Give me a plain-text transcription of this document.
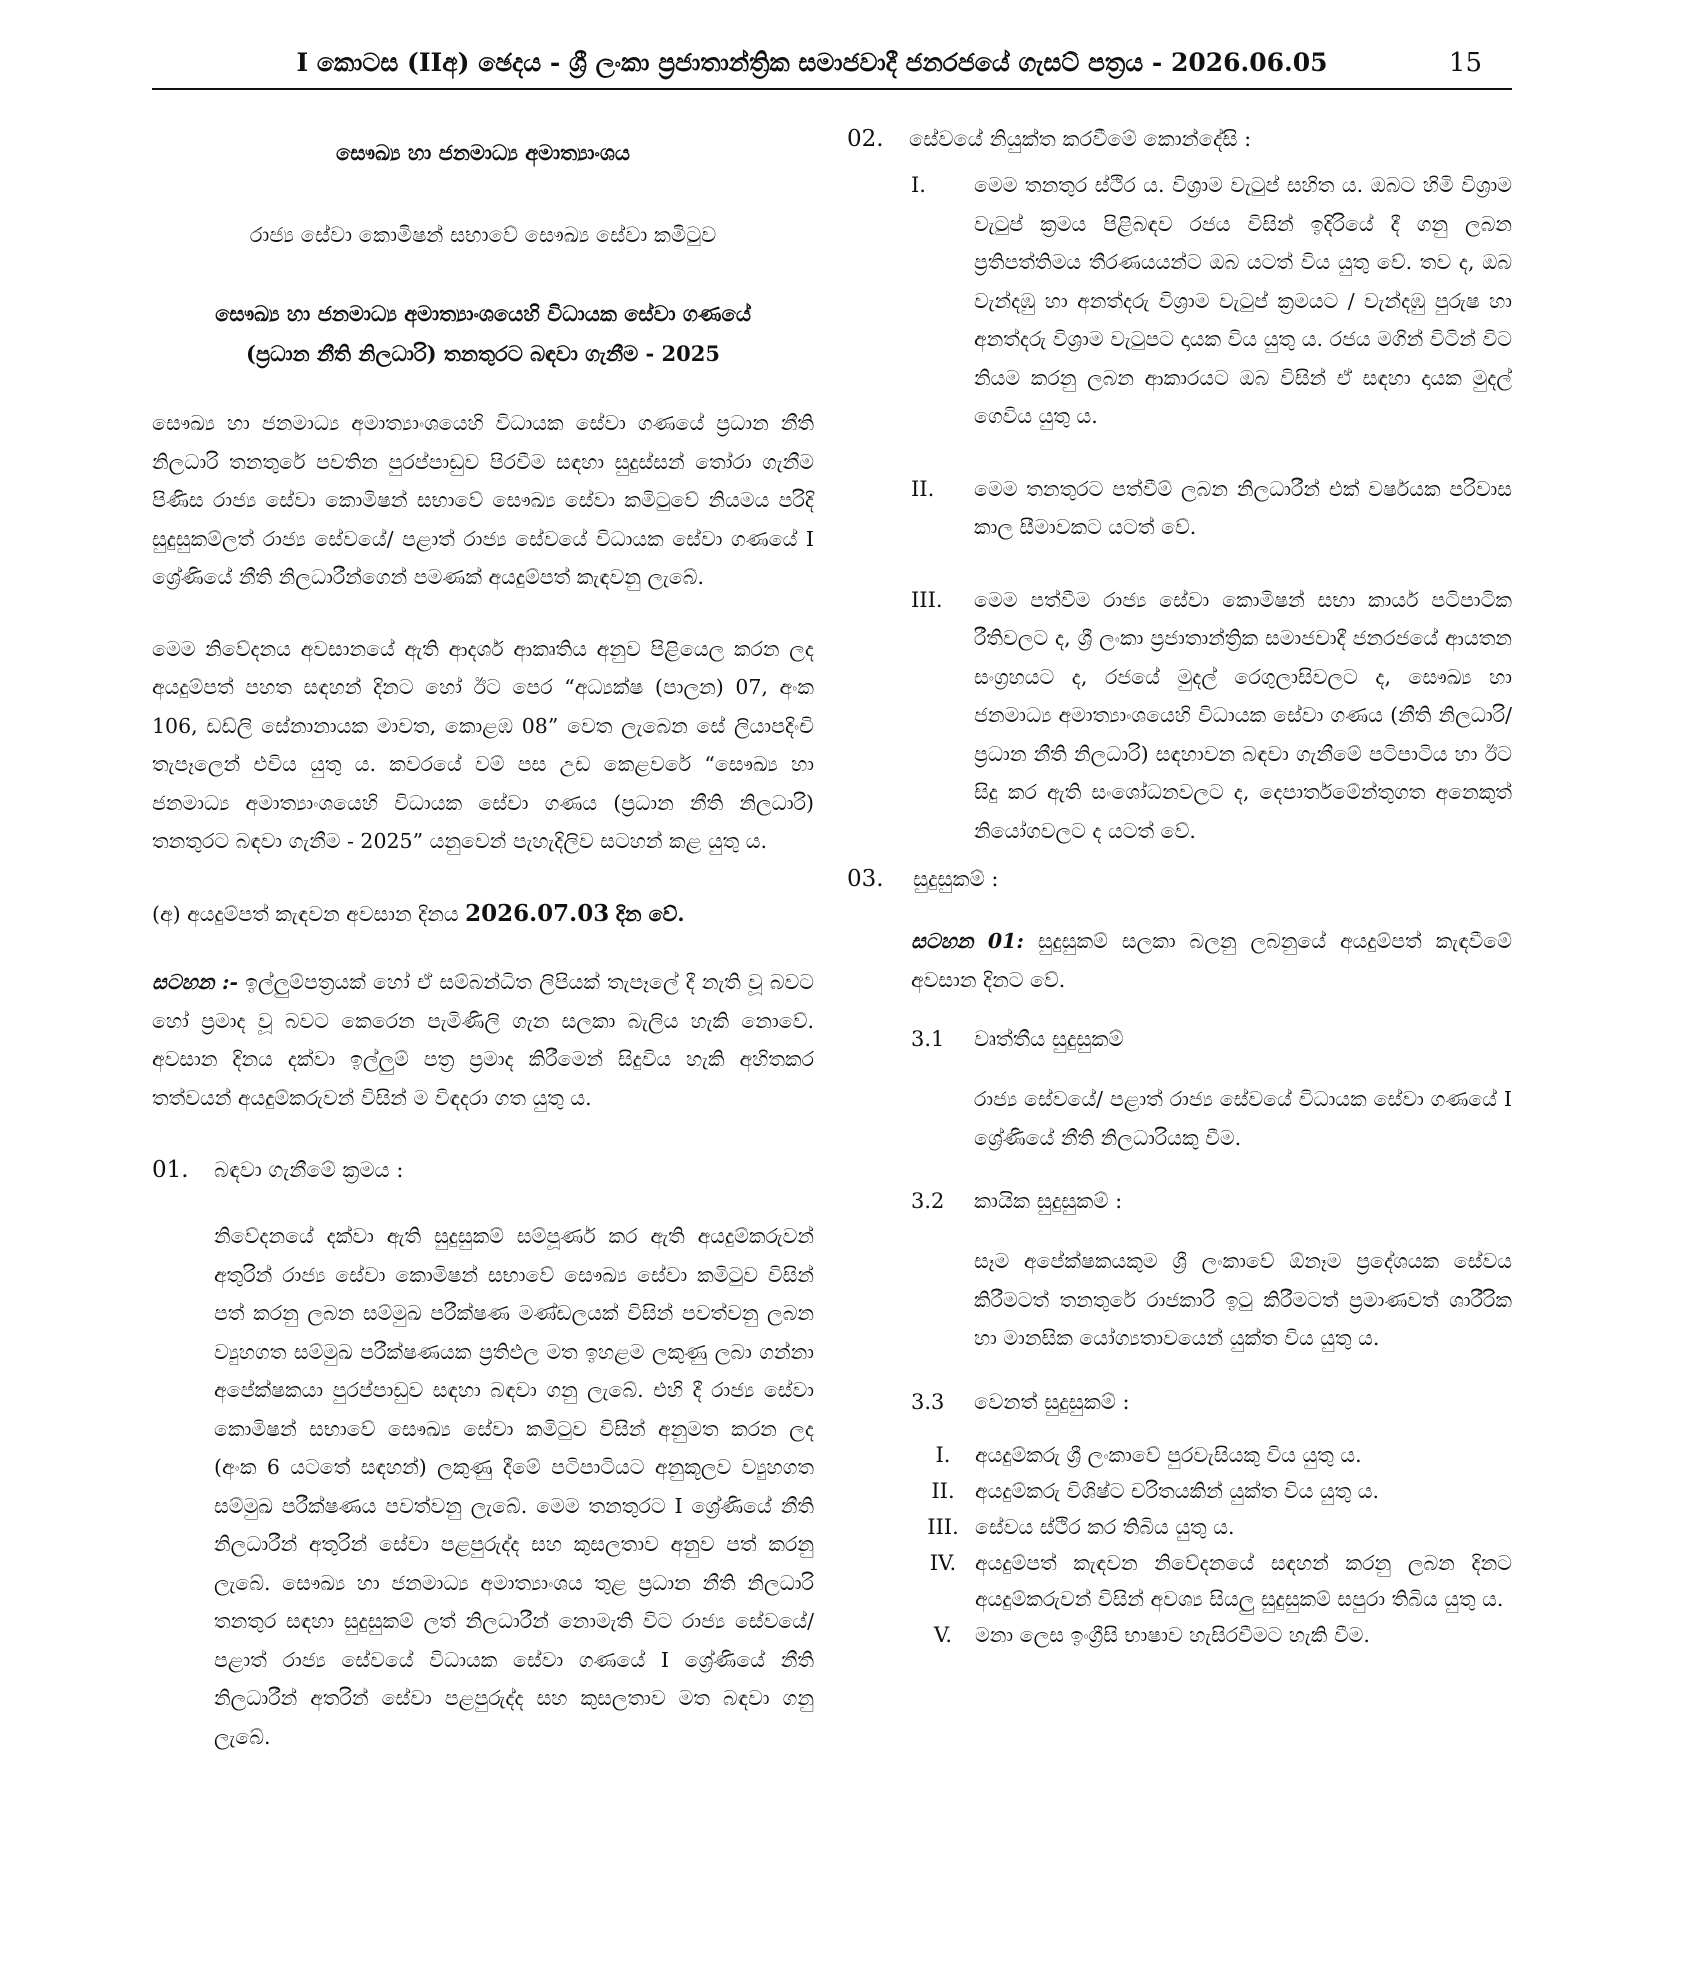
I කොටස (IIඅ) ඡෙදය - ශ්‍රී ලංකා ප්‍රජාතාන්ත්‍රික සමාජවාදී ජනරජයේ ගැසට් පත්‍රය - 2026.06.05	15

සෞඛ්‍ය හා ජනමාධ්‍ය අමාත්‍යාංශය

රාජ්‍ය සේවා කොමිෂන් සභාවේ සෞඛ්‍ය සේවා කමිටුව

සෞඛ්‍ය හා ජනමාධ්‍ය අමාත්‍යාංශයෙහි විධායක සේවා ගණයේ
(ප්‍රධාන නීති නිලධාරි) තනතුරට බඳවා ගැනීම - 2025

සෞඛ්‍ය හා ජනමාධ්‍ය අමාත්‍යාංශයෙහි විධායක සේවා ගණයේ ප්‍රධාන නීති නිලධාරි තනතුරේ පවතින පුරප්පාඩුව පිරවීම සඳහා සුදුස්සන් තෝරා ගැනීම පිණිස රාජ්‍ය සේවා කොමිෂන් සභාවේ සෞඛ්‍ය සේවා කමිටුවේ නියමය පරිදි සුදුසුකම්ලත් රාජ්‍ය සේවයේ/ පළාත් රාජ්‍ය සේවයේ විධායක සේවා ගණයේ I ශ්‍රේණියේ නීති නිලධාරීන්ගෙන් පමණක් අයදුම්පත් කැඳවනු ලැබේ.

මෙම නිවේදනය අවසානයේ ඇති ආදර්ශ ආකෘතිය අනුව පිළියෙල කරන ලද අයදුම්පත් පහත සඳහන් දිනට හෝ ඊට පෙර “අධ්‍යක්ෂ (පාලන) 07, අංක 106, ඩඩ්ලි සේනානායක මාවත, කොළඹ 08” වෙත ලැබෙන සේ ලියාපදිංචි තැපෑලෙන් එවිය යුතු ය. කවරයේ වම් පස උඩ කෙළවරේ “සෞඛ්‍ය හා ජනමාධ්‍ය අමාත්‍යාංශයෙහි විධායක සේවා ගණය (ප්‍රධාන නීති නිලධාරි) තනතුරට බඳවා ගැනීම - 2025” යනුවෙන් පැහැදිලිව සටහන් කළ යුතු ය.

(අ) අයදුම්පත් කැඳවන අවසාන දිනය 2026.07.03 දින වේ.

සටහන :- ඉල්ලුම්පත්‍රයක් හෝ ඒ සම්බන්ධිත ලිපියක් තැපෑලේ දී නැති වූ බවට හෝ ප්‍රමාද වූ බවට කෙරෙන පැමිණිලි ගැන සලකා බැලිය හැකි නොවේ. අවසාන දිනය දක්වා ඉල්ලුම් පත්‍ර ප්‍රමාද කිරීමෙන් සිදුවිය හැකි අහිතකර තත්වයන් අයදුම්කරුවන් විසින් ම විඳදරා ගත යුතු ය.

01.	බඳවා ගැනීමේ ක්‍රමය :

නිවේදනයේ දක්වා ඇති සුදුසුකම් සම්පූර්ණ කර ඇති අයදුම්කරුවන් අතුරින් රාජ්‍ය සේවා කොමිෂන් සභාවේ සෞඛ්‍ය සේවා කමිටුව විසින් පත් කරනු ලබන සම්මුඛ පරීක්ෂණ මණ්ඩලයක් විසින් පවත්වනු ලබන ව්‍යුහගත සම්මුඛ පරීක්ෂණයක ප්‍රතිඵල මත ඉහළම ලකුණු ලබා ගන්නා අපේක්ෂකයා පුරප්පාඩුව සඳහා බඳවා ගනු ලැබේ. එහි දී රාජ්‍ය සේවා කොමිෂන් සභාවේ සෞඛ්‍ය සේවා කමිටුව විසින් අනුමත කරන ලද (අංක 6 යටතේ සඳහන්) ලකුණු දීමේ පටිපාටියට අනුකූලව ව්‍යුහගත සම්මුඛ පරීක්ෂණය පවත්වනු ලැබේ. මෙම තනතුරට I ශ්‍රේණියේ නීති නිලධාරීන් අතුරින් සේවා පළපුරුද්ද සහ කුසලතාව අනුව පත් කරනු ලැබේ. සෞඛ්‍ය හා ජනමාධ්‍ය අමාත්‍යාංශය තුළ ප්‍රධාන නීති නිලධාරි තනතුර සඳහා සුදුසුකම් ලත් නිලධාරීන් නොමැති විට රාජ්‍ය සේවයේ/ පළාත් රාජ්‍ය සේවයේ විධායක සේවා ගණයේ I ශ්‍රේණියේ නීති නිලධාරීන් අතරින් සේවා පළපුරුද්ද සහ කුසලතාව මත බඳවා ගනු ලැබේ.

02.	සේවයේ නියුක්ත කරවීමේ කොන්දේසි :
I.	මෙම තනතුර ස්ථිර ය. විශ්‍රාම වැටුප් සහිත ය. ඔබට හිමි විශ්‍රාම වැටුප් ක්‍රමය පිළිබඳව රජය විසින් ඉදිරියේ දී ගනු ලබන ප්‍රතිපත්තිමය තීරණයයන්ට ඔබ යටත් විය යුතු වේ. තව ද, ඔබ වැන්දඹු හා අනත්දරු විශ්‍රාම වැටුප් ක්‍රමයට / වැන්දඹු පුරුෂ හා අනත්දරු විශ්‍රාම වැටුපට දායක විය යුතු ය. රජය මගින් විටින් විට නියම කරනු ලබන ආකාරයට ඔබ විසින් ඒ සඳහා දායක මුදල් ගෙවිය යුතු ය.

II.	මෙම තනතුරට පත්වීම් ලබන නිලධාරීන් එක් වර්ෂයක පරිවාස කාල සීමාවකට යටත් වේ.

III.	මෙම පත්වීම රාජ්‍ය සේවා කොමිෂන් සභා කාර්ය පටිපාටික රීතිවලට ද, ශ්‍රී ලංකා ප්‍රජාතාන්ත්‍රික සමාජවාදී ජනරජයේ ආයතන සංග්‍රහයට ද, රජයේ මුදල් රෙගුලාසිවලට ද, සෞඛ්‍ය හා ජනමාධ්‍ය අමාත්‍යාංශයෙහි විධායක සේවා ගණය (නීති නිලධාරි/ ප්‍රධාන නීති නිලධාරි) සඳහාවන බඳවා ගැනීමේ පටිපාටිය හා ඊට සිදු කර ඇති සංශෝධනවලට ද, දෙපාර්තමේන්තුගත අනෙකුත් නියෝගවලට ද යටත් වේ.

03.	සුදුසුකම් :

සටහන 01: සුදුසුකම් සලකා බලනු ලබනුයේ අයදුම්පත් කැඳවීමේ අවසාන දිනට වේ.

3.1	වෘත්තීය සුදුසුකම්

රාජ්‍ය සේවයේ/ පළාත් රාජ්‍ය සේවයේ විධායක සේවා ගණයේ I ශ්‍රේණියේ නීති නිලධාරියකු වීම.

3.2	කායික සුදුසුකම් :

සෑම අපේක්ෂකයකුම ශ්‍රී ලංකාවේ ඕනෑම ප්‍රදේශයක සේවය කිරීමටත් තනතුරේ රාජකාරි ඉටු කිරීමටත් ප්‍රමාණවත් ශාරීරික හා මානසික යෝග්‍යතාවයෙන් යුක්ත විය යුතු ය.

3.3	වෙනත් සුදුසුකම් :
I.	අයදුම්කරු ශ්‍රී ලංකාවේ පුරවැසියකු විය යුතු ය.
II. අයදුම්කරු විශිෂ්ට චරිතයකින් යුක්ත විය යුතු ය.
III. සේවය ස්ථිර කර තිබිය යුතු ය.
IV. අයදුම්පත් කැඳවන නිවේදනයේ සඳහන් කරනු ලබන දිනට අයදුම්කරුවන් විසින් අවශ්‍ය සියලු සුදුසුකම් සපුරා තිබිය යුතු ය.
V.	මනා ලෙස ඉංග්‍රීසි භාෂාව හැසිරවීමට හැකි වීම.
